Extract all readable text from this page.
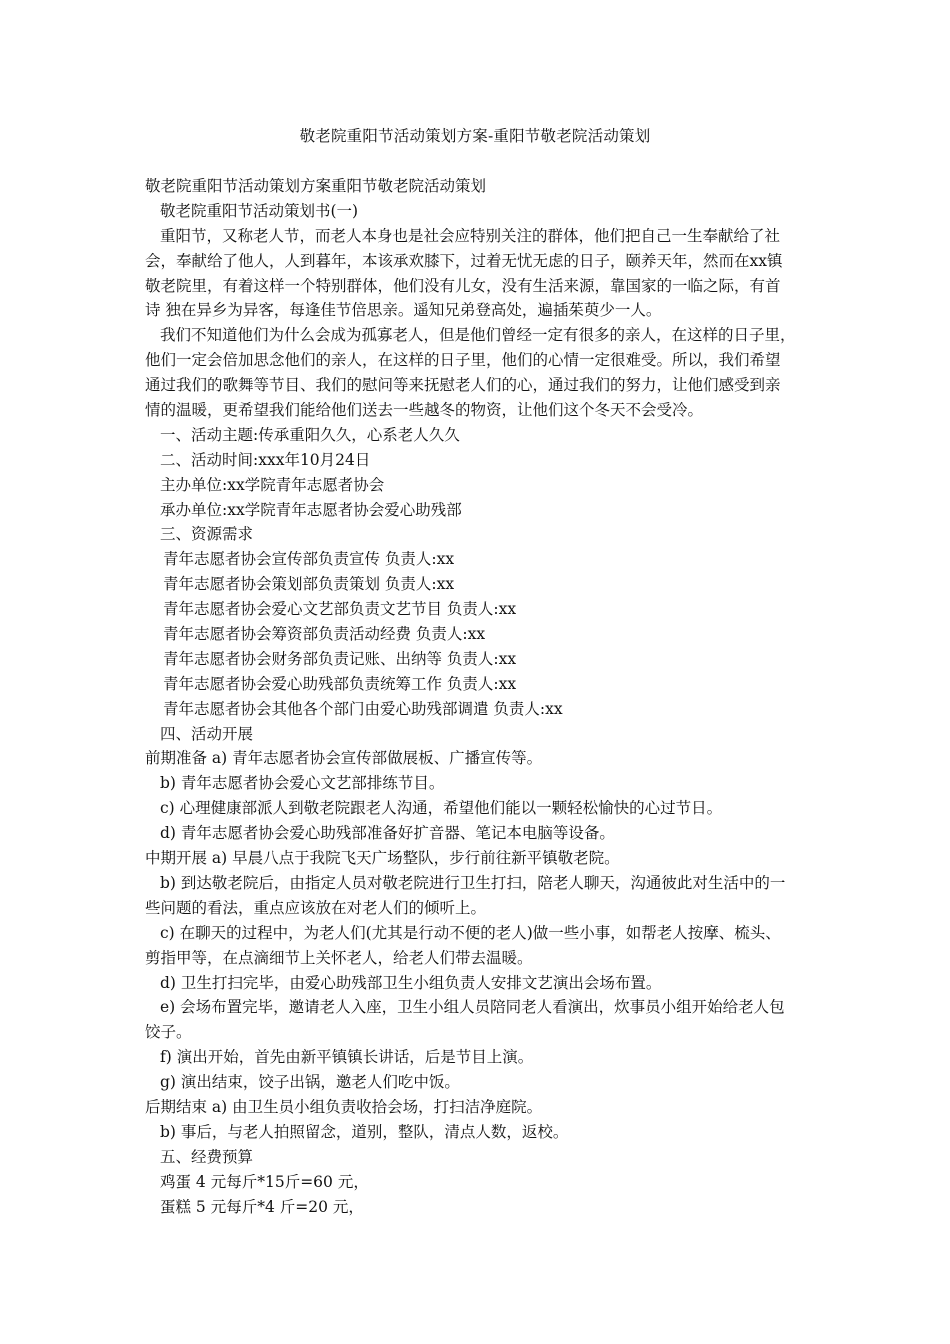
敬老院重阳节活动策划方案-重阳节敬老院活动策划
敬老院重阳节活动策划方案重阳节敬老院活动策划
敬老院重阳节活动策划书(一)
重阳节，又称老人节，而老人本身也是社会应特别关注的群体，他们把自己一生奉献给了社
会，奉献给了他人，人到暮年，本该承欢膝下，过着无忧无虑的日子，颐养天年，然而在xx镇
敬老院里，有着这样一个特别群体，他们没有儿女，没有生活来源，靠国家的一临之际，有首
诗 独在异乡为异客，每逢佳节倍思亲。遥知兄弟登高处，遍插茱萸少一人。
我们不知道他们为什么会成为孤寡老人，但是他们曾经一定有很多的亲人，在这样的日子里，
他们一定会倍加思念他们的亲人，在这样的日子里，他们的心情一定很难受。所以，我们希望
通过我们的歌舞等节目、我们的慰问等来抚慰老人们的心，通过我们的努力，让他们感受到亲
情的温暖，更希望我们能给他们送去一些越冬的物资，让他们这个冬天不会受冷。
一、活动主题:传承重阳久久，心系老人久久
二、活动时间:xxx年10月24日
主办单位:xx学院青年志愿者协会
承办单位:xx学院青年志愿者协会爱心助残部
三、资源需求
青年志愿者协会宣传部负责宣传 负责人:xx
青年志愿者协会策划部负责策划 负责人:xx
青年志愿者协会爱心文艺部负责文艺节目 负责人:xx
青年志愿者协会筹资部负责活动经费 负责人:xx
青年志愿者协会财务部负责记账、出纳等 负责人:xx
青年志愿者协会爱心助残部负责统筹工作 负责人:xx
青年志愿者协会其他各个部门由爱心助残部调遣 负责人:xx
四、活动开展
前期准备 a) 青年志愿者协会宣传部做展板、广播宣传等。
b) 青年志愿者协会爱心文艺部排练节目。
c) 心理健康部派人到敬老院跟老人沟通，希望他们能以一颗轻松愉快的心过节日。
d) 青年志愿者协会爱心助残部准备好扩音器、笔记本电脑等设备。
中期开展 a) 早晨八点于我院飞天广场整队，步行前往新平镇敬老院。
b) 到达敬老院后，由指定人员对敬老院进行卫生打扫，陪老人聊天，沟通彼此对生活中的一
些问题的看法，重点应该放在对老人们的倾听上。
c) 在聊天的过程中，为老人们(尤其是行动不便的老人)做一些小事，如帮老人按摩、梳头、
剪指甲等，在点滴细节上关怀老人，给老人们带去温暖。
d) 卫生打扫完毕，由爱心助残部卫生小组负责人安排文艺演出会场布置。
e) 会场布置完毕，邀请老人入座，卫生小组人员陪同老人看演出，炊事员小组开始给老人包
饺子。
f) 演出开始，首先由新平镇镇长讲话，后是节目上演。
g) 演出结束，饺子出锅，邀老人们吃中饭。
后期结束 a) 由卫生员小组负责收拾会场，打扫洁净庭院。
b) 事后，与老人拍照留念，道别，整队，清点人数，返校。
五、经费预算
鸡蛋 4 元每斤*15斤=60 元，
蛋糕 5 元每斤*4 斤=20 元，
